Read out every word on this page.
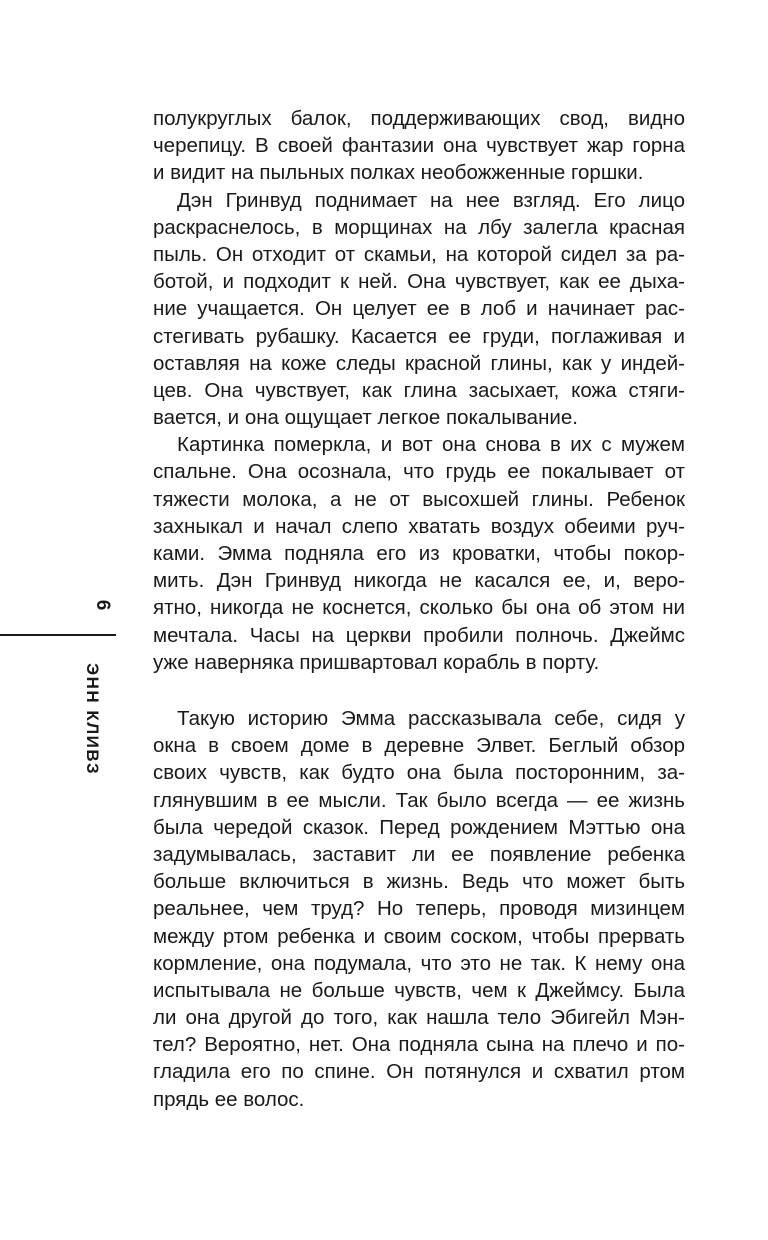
6
ЭНН КЛИВЗ
полукруглых балок, поддерживающих свод, видно
черепицу. В своей фантазии она чувствует жар горна
и видит на пыльных полках необожженные горшки.
Дэн Гринвуд поднимает на нее взгляд. Его лицо
раскраснелось, в морщинах на лбу залегла красная
пыль. Он отходит от скамьи, на которой сидел за ра-
ботой, и подходит к ней. Она чувствует, как ее дыха-
ние учащается. Он целует ее в лоб и начинает рас-
стегивать рубашку. Касается ее груди, поглаживая и
оставляя на коже следы красной глины, как у индей-
цев. Она чувствует, как глина засыхает, кожа стяги-
вается, и она ощущает легкое покалывание.
Картинка померкла, и вот она снова в их с мужем
спальне. Она осознала, что грудь ее покалывает от
тяжести молока, а не от высохшей глины. Ребенок
захныкал и начал слепо хватать воздух обеими руч-
ками. Эмма подняла его из кроватки, чтобы покор-
мить. Дэн Гринвуд никогда не касался ее, и, веро-
ятно, никогда не коснется, сколько бы она об этом ни
мечтала. Часы на церкви пробили полночь. Джеймс
уже наверняка пришвартовал корабль в порту.
Такую историю Эмма рассказывала себе, сидя у
окна в своем доме в деревне Элвет. Беглый обзор
своих чувств, как будто она была посторонним, за-
глянувшим в ее мысли. Так было всегда — ее жизнь
была чередой сказок. Перед рождением Мэттью она
задумывалась, заставит ли ее появление ребенка
больше включиться в жизнь. Ведь что может быть
реальнее, чем труд? Но теперь, проводя мизинцем
между ртом ребенка и своим соском, чтобы прервать
кормление, она подумала, что это не так. К нему она
испытывала не больше чувств, чем к Джеймсу. Была
ли она другой до того, как нашла тело Эбигейл Мэн-
тел? Вероятно, нет. Она подняла сына на плечо и по-
гладила его по спине. Он потянулся и схватил ртом
прядь ее волос.
